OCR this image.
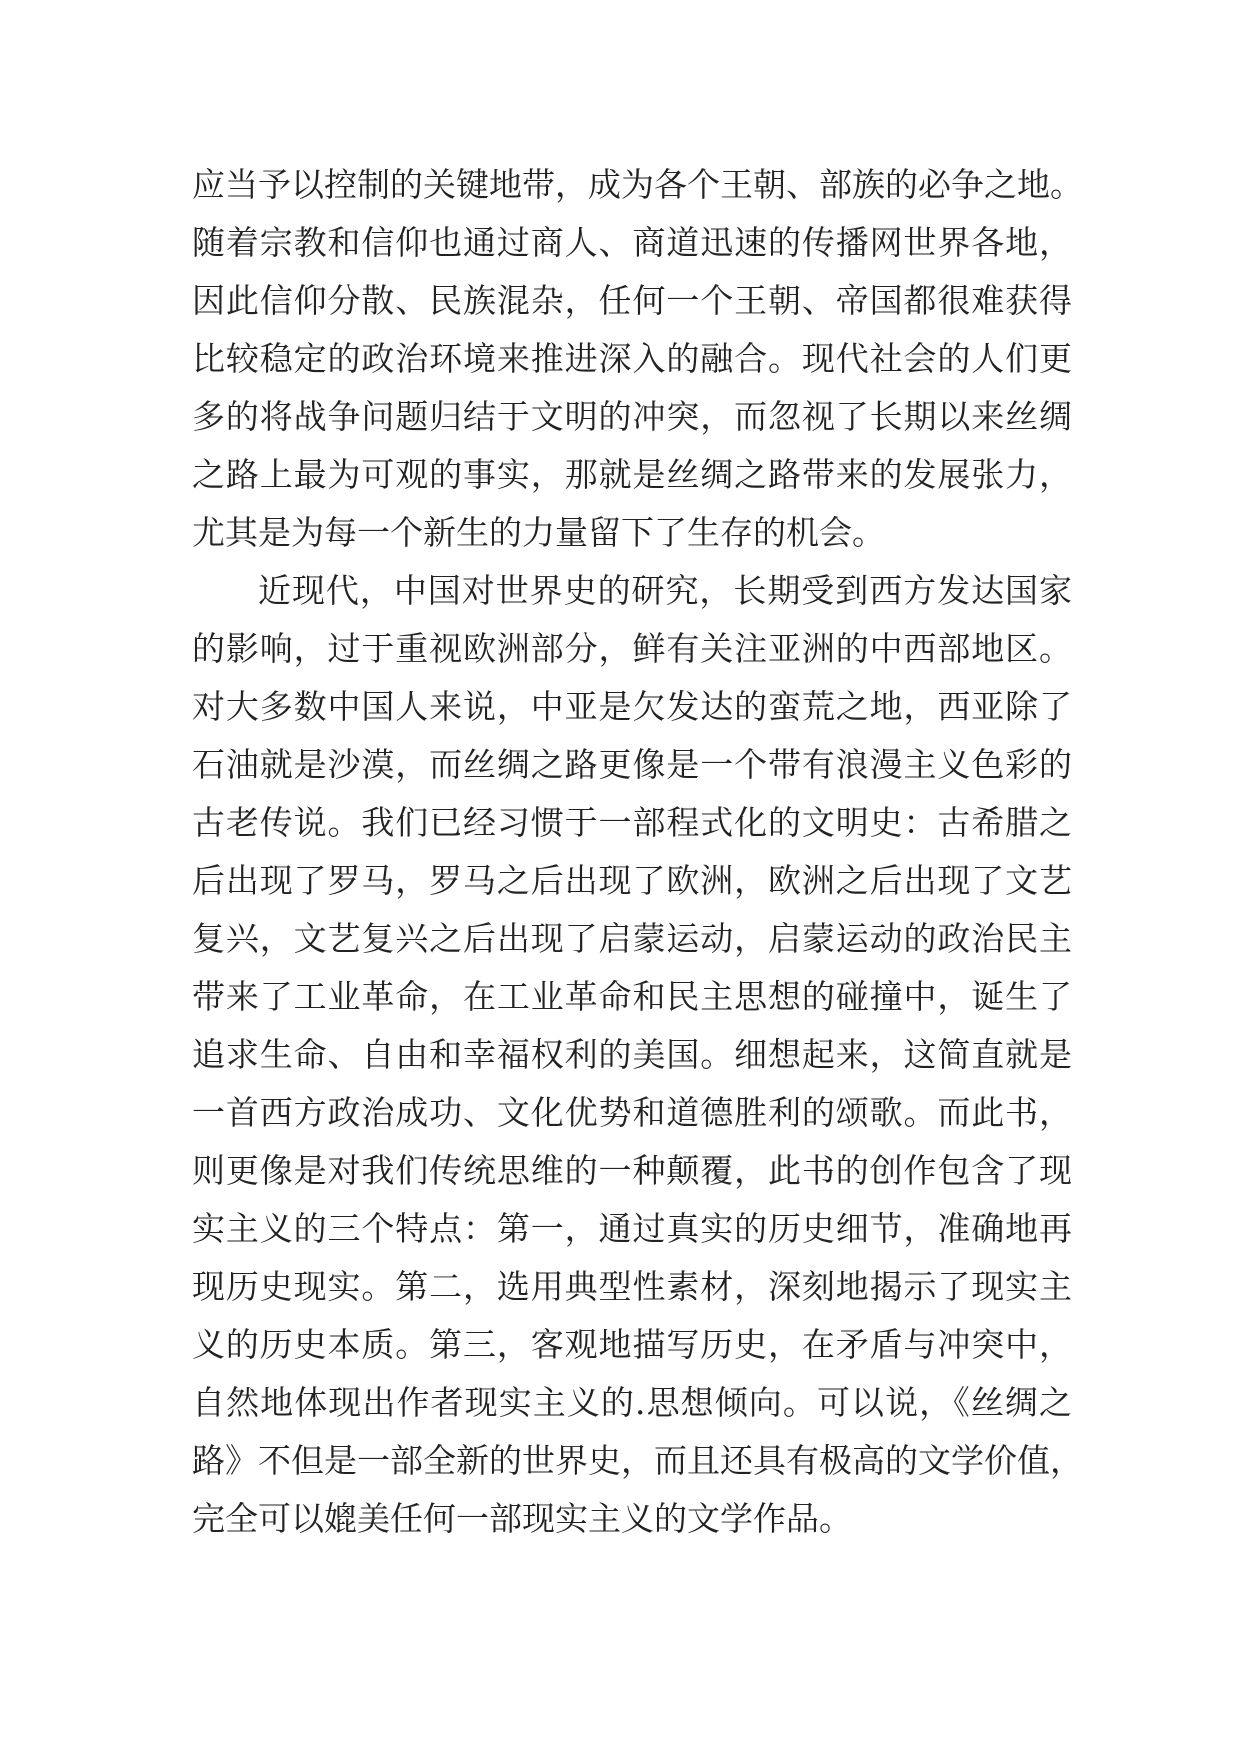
应当予以控制的关键地带，成为各个王朝、部族的必争之地。
随着宗教和信仰也通过商人、商道迅速的传播网世界各地，
因此信仰分散、民族混杂，任何一个王朝、帝国都很难获得
比较稳定的政治环境来推进深入的融合。现代社会的人们更
多的将战争问题归结于文明的冲突，而忽视了长期以来丝绸
之路上最为可观的事实，那就是丝绸之路带来的发展张力，
尤其是为每一个新生的力量留下了生存的机会。
近现代，中国对世界史的研究，长期受到西方发达国家
的影响，过于重视欧洲部分，鲜有关注亚洲的中西部地区。
对大多数中国人来说，中亚是欠发达的蛮荒之地，西亚除了
石油就是沙漠，而丝绸之路更像是一个带有浪漫主义色彩的
古老传说。我们已经习惯于一部程式化的文明史：古希腊之
后出现了罗马，罗马之后出现了欧洲，欧洲之后出现了文艺
复兴，文艺复兴之后出现了启蒙运动，启蒙运动的政治民主
带来了工业革命，在工业革命和民主思想的碰撞中，诞生了
追求生命、自由和幸福权利的美国。细想起来，这简直就是
一首西方政治成功、文化优势和道德胜利的颂歌。而此书，
则更像是对我们传统思维的一种颠覆，此书的创作包含了现
实主义的三个特点：第一，通过真实的历史细节，准确地再
现历史现实。第二，选用典型性素材，深刻地揭示了现实主
义的历史本质。第三，客观地描写历史，在矛盾与冲突中，
自然地体现出作者现实主义的.思想倾向。可以说，《丝绸之
路》不但是一部全新的世界史，而且还具有极高的文学价值，
完全可以媲美任何一部现实主义的文学作品。
